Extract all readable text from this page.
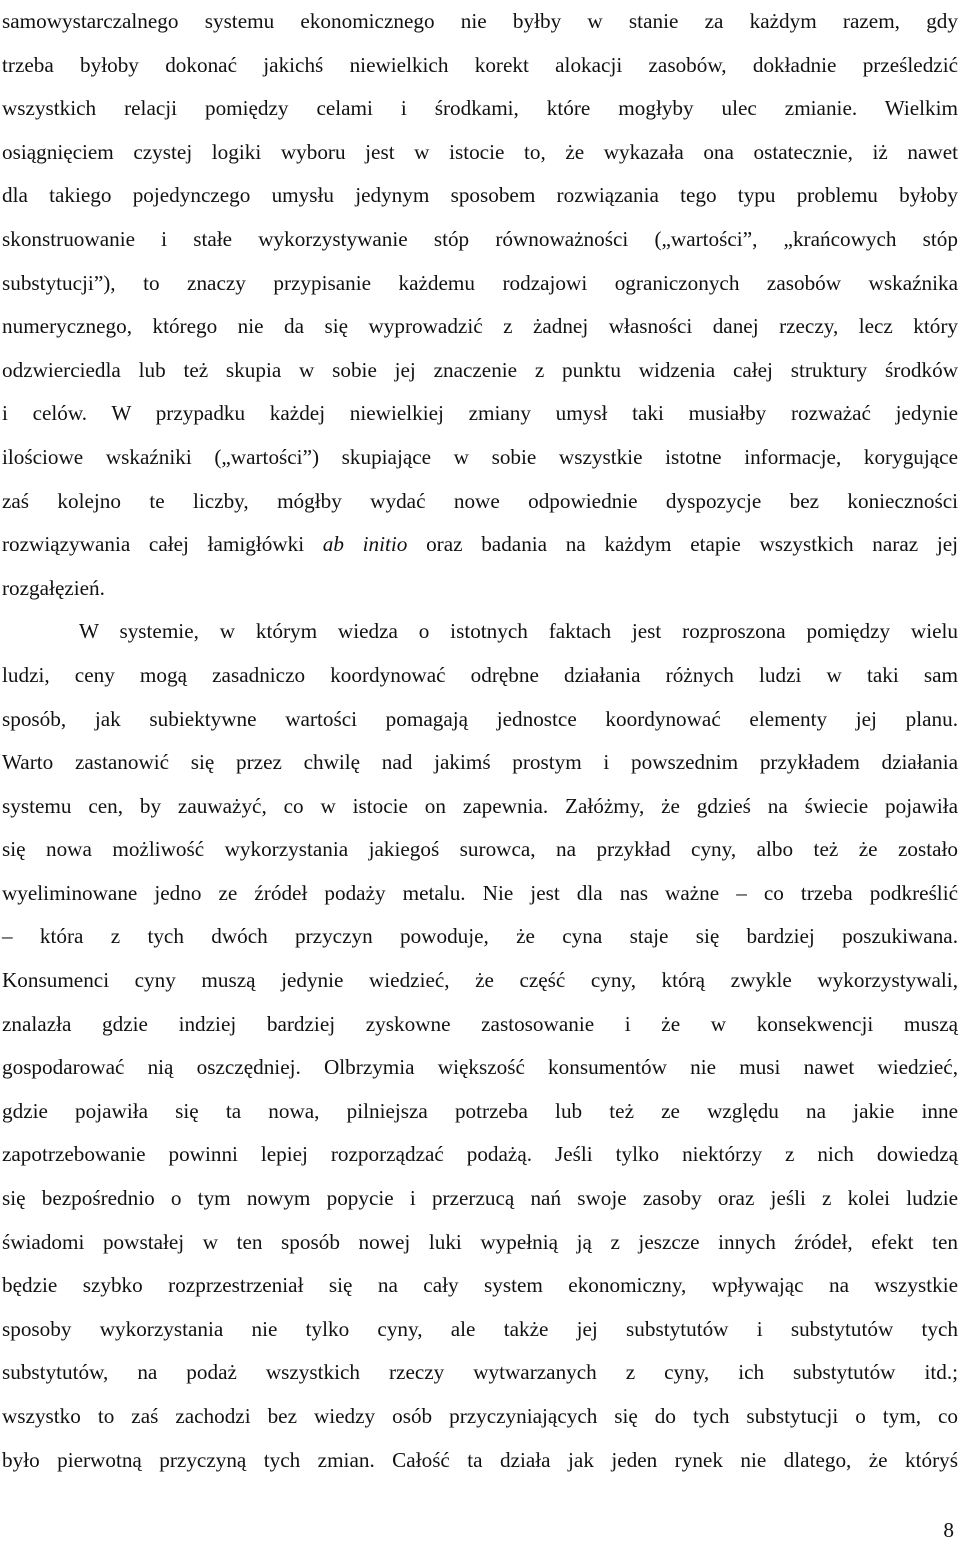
samowystarczalnego systemu ekonomicznego nie byłby w stanie za każdym razem, gdy
trzeba byłoby dokonać jakichś niewielkich korekt alokacji zasobów, dokładnie prześledzić
wszystkich relacji pomiędzy celami i środkami, które mogłyby ulec zmianie. Wielkim
osiągnięciem czystej logiki wyboru jest w istocie to, że wykazała ona ostatecznie, iż nawet
dla takiego pojedynczego umysłu jedynym sposobem rozwiązania tego typu problemu byłoby
skonstruowanie i stałe wykorzystywanie stóp równoważności („wartości”, „krańcowych stóp
substytucji”), to znaczy przypisanie każdemu rodzajowi ograniczonych zasobów wskaźnika
numerycznego, którego nie da się wyprowadzić z żadnej własności danej rzeczy, lecz który
odzwierciedla lub też skupia w sobie jej znaczenie z punktu widzenia całej struktury środków
i celów. W przypadku każdej niewielkiej zmiany umysł taki musiałby rozważać jedynie
ilościowe wskaźniki („wartości”) skupiające w sobie wszystkie istotne informacje, korygujące
zaś kolejno te liczby, mógłby wydać nowe odpowiednie dyspozycje bez konieczności
rozwiązywania całej łamigłówki ab initio oraz badania na każdym etapie wszystkich naraz jej
rozgałęzień.
W systemie, w którym wiedza o istotnych faktach jest rozproszona pomiędzy wielu
ludzi, ceny mogą zasadniczo koordynować odrębne działania różnych ludzi w taki sam
sposób, jak subiektywne wartości pomagają jednostce koordynować elementy jej planu.
Warto zastanowić się przez chwilę nad jakimś prostym i powszednim przykładem działania
systemu cen, by zauważyć, co w istocie on zapewnia. Załóżmy, że gdzieś na świecie pojawiła
się nowa możliwość wykorzystania jakiegoś surowca, na przykład cyny, albo też że zostało
wyeliminowane jedno ze źródeł podaży metalu. Nie jest dla nas ważne – co trzeba podkreślić
– która z tych dwóch przyczyn powoduje, że cyna staje się bardziej poszukiwana.
Konsumenci cyny muszą jedynie wiedzieć, że część cyny, którą zwykle wykorzystywali,
znalazła gdzie indziej bardziej zyskowne zastosowanie i że w konsekwencji muszą
gospodarować nią oszczędniej. Olbrzymia większość konsumentów nie musi nawet wiedzieć,
gdzie pojawiła się ta nowa, pilniejsza potrzeba lub też ze względu na jakie inne
zapotrzebowanie powinni lepiej rozporządzać podażą. Jeśli tylko niektórzy z nich dowiedzą
się bezpośrednio o tym nowym popycie i przerzucą nań swoje zasoby oraz jeśli z kolei ludzie
świadomi powstałej w ten sposób nowej luki wypełnią ją z jeszcze innych źródeł, efekt ten
będzie szybko rozprzestrzeniał się na cały system ekonomiczny, wpływając na wszystkie
sposoby wykorzystania nie tylko cyny, ale także jej substytutów i substytutów tych
substytutów, na podaż wszystkich rzeczy wytwarzanych z cyny, ich substytutów itd.;
wszystko to zaś zachodzi bez wiedzy osób przyczyniających się do tych substytucji o tym, co
było pierwotną przyczyną tych zmian. Całość ta działa jak jeden rynek nie dlatego, że któryś
8
